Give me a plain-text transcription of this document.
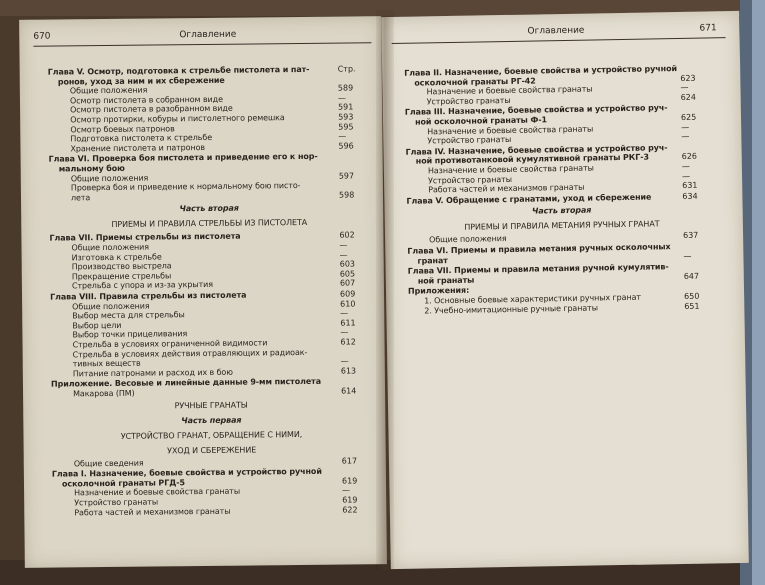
670	Оглавление
Глава V. Осмотр, подготовка к стрельбе пистолета и пат-	Стр.
ронов, уход за ним и их сбережение
Общие положения	589
Осмотр пистолета в собранном виде	—
Осмотр пистолета в разобранном виде	591
Осмотр протирки, кобуры и пистолетного ремешка	593
Осмотр боевых патронов	595
Подготовка пистолета к стрельбе	—
Хранение пистолета и патронов	596
Глава VI. Проверка боя пистолета и приведение его к нор-
мальному бою
Общие положения	597
Проверка боя и приведение к нормальному бою писто-
лета	598
Часть вторая
ПРИЕМЫ И ПРАВИЛА СТРЕЛЬБЫ ИЗ ПИСТОЛЕТА
Глава VII. Приемы стрельбы из пистолета	602
Общие положения	—
Изготовка к стрельбе	—
Производство выстрела	603
Прекращение стрельбы	605
Стрельба с упора и из-за укрытия	607
Глава VIII. Правила стрельбы из пистолета	609
Общие положения	610
Выбор места для стрельбы	—
Выбор цели	611
Выбор точки прицеливания	—
Стрельба в условиях ограниченной видимости	612
Стрельба в условиях действия отравляющих и радиоак-
тивных веществ	—
Питание патронами и расход их в бою	613
Приложение. Весовые и линейные данные 9-мм пистолета
Макарова (ПМ)	614
РУЧНЫЕ ГРАНАТЫ
Часть первая
УСТРОЙСТВО ГРАНАТ, ОБРАЩЕНИЕ С НИМИ,
УХОД И СБЕРЕЖЕНИЕ
Общие сведения	617
Глава I. Назначение, боевые свойства и устройство ручной
осколочной гранаты РГД-5	619
Назначение и боевые свойства гранаты	—
Устройство гранаты	619
Работа частей и механизмов гранаты	622
Оглавление	671
Глава II. Назначение, боевые свойства и устройство ручной
осколочной гранаты РГ-42	623
Назначение и боевые свойства гранаты	—
Устройство гранаты	624
Глава III. Назначение, боевые свойства и устройство руч-
ной осколочной гранаты Ф-1	625
Назначение и боевые свойства гранаты	—
Устройство гранаты	—
Глава IV. Назначение, боевые свойства и устройство руч-
ной противотанковой кумулятивной гранаты РКГ-3	626
Назначение и боевые свойства гранаты	—
Устройство гранаты	—
Работа частей и механизмов гранаты	631
Глава V. Обращение с гранатами, уход и сбережение	634
Часть вторая
ПРИЕМЫ И ПРАВИЛА МЕТАНИЯ РУЧНЫХ ГРАНАТ
Общие положения	637
Глава VI. Приемы и правила метания ручных осколочных
гранат	—
Глава VII. Приемы и правила метания ручной кумулятив-
ной гранаты	647
Приложения:
1. Основные боевые характеристики ручных гранат	650
2. Учебно-имитационные ручные гранаты	651
